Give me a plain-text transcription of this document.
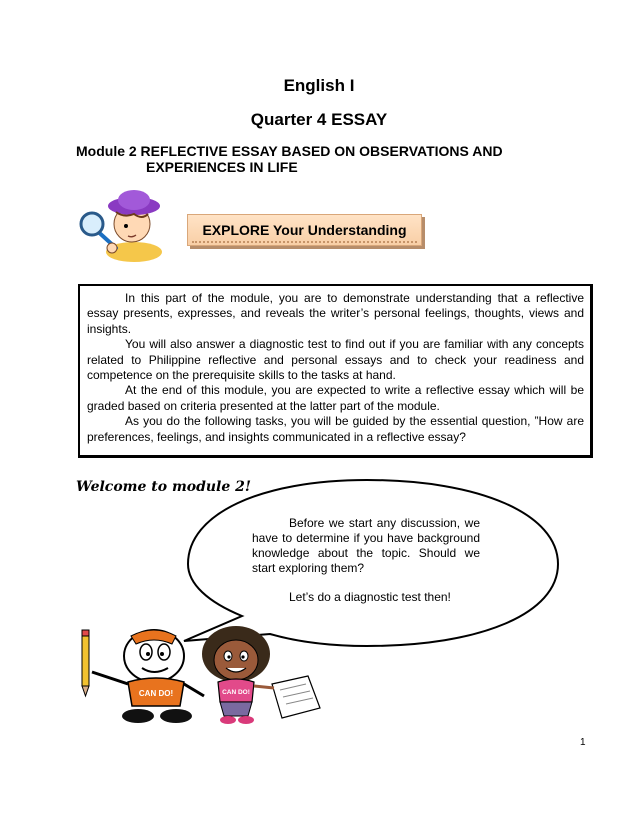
English I
Quarter 4 ESSAY
Module 2 REFLECTIVE ESSAY BASED ON OBSERVATIONS AND
EXPERIENCES IN LIFE
EXPLORE Your Understanding

In this part of the module, you are to demonstrate understanding that a reflective essay presents, expresses, and reveals the writer’s personal feelings, thoughts, views and insights.

You will also answer a diagnostic test to find out if you are familiar with any concepts related to Philippine reflective and personal essays and to check your readiness and competence on the prerequisite skills to the tasks at hand.

At the end of this module, you are expected to write a reflective essay which will be graded based on criteria presented at the latter part of the module.

As you do the following tasks, you will be guided by the essential question, ”How are preferences, feelings, and insights communicated in a reflective essay?

Welcome to module 2!

Before we start any discussion, we have to determine if you have background knowledge about the topic. Should we start exploring them?

Let’s do a diagnostic test then!

CAN DO!	CAN DO!
1
